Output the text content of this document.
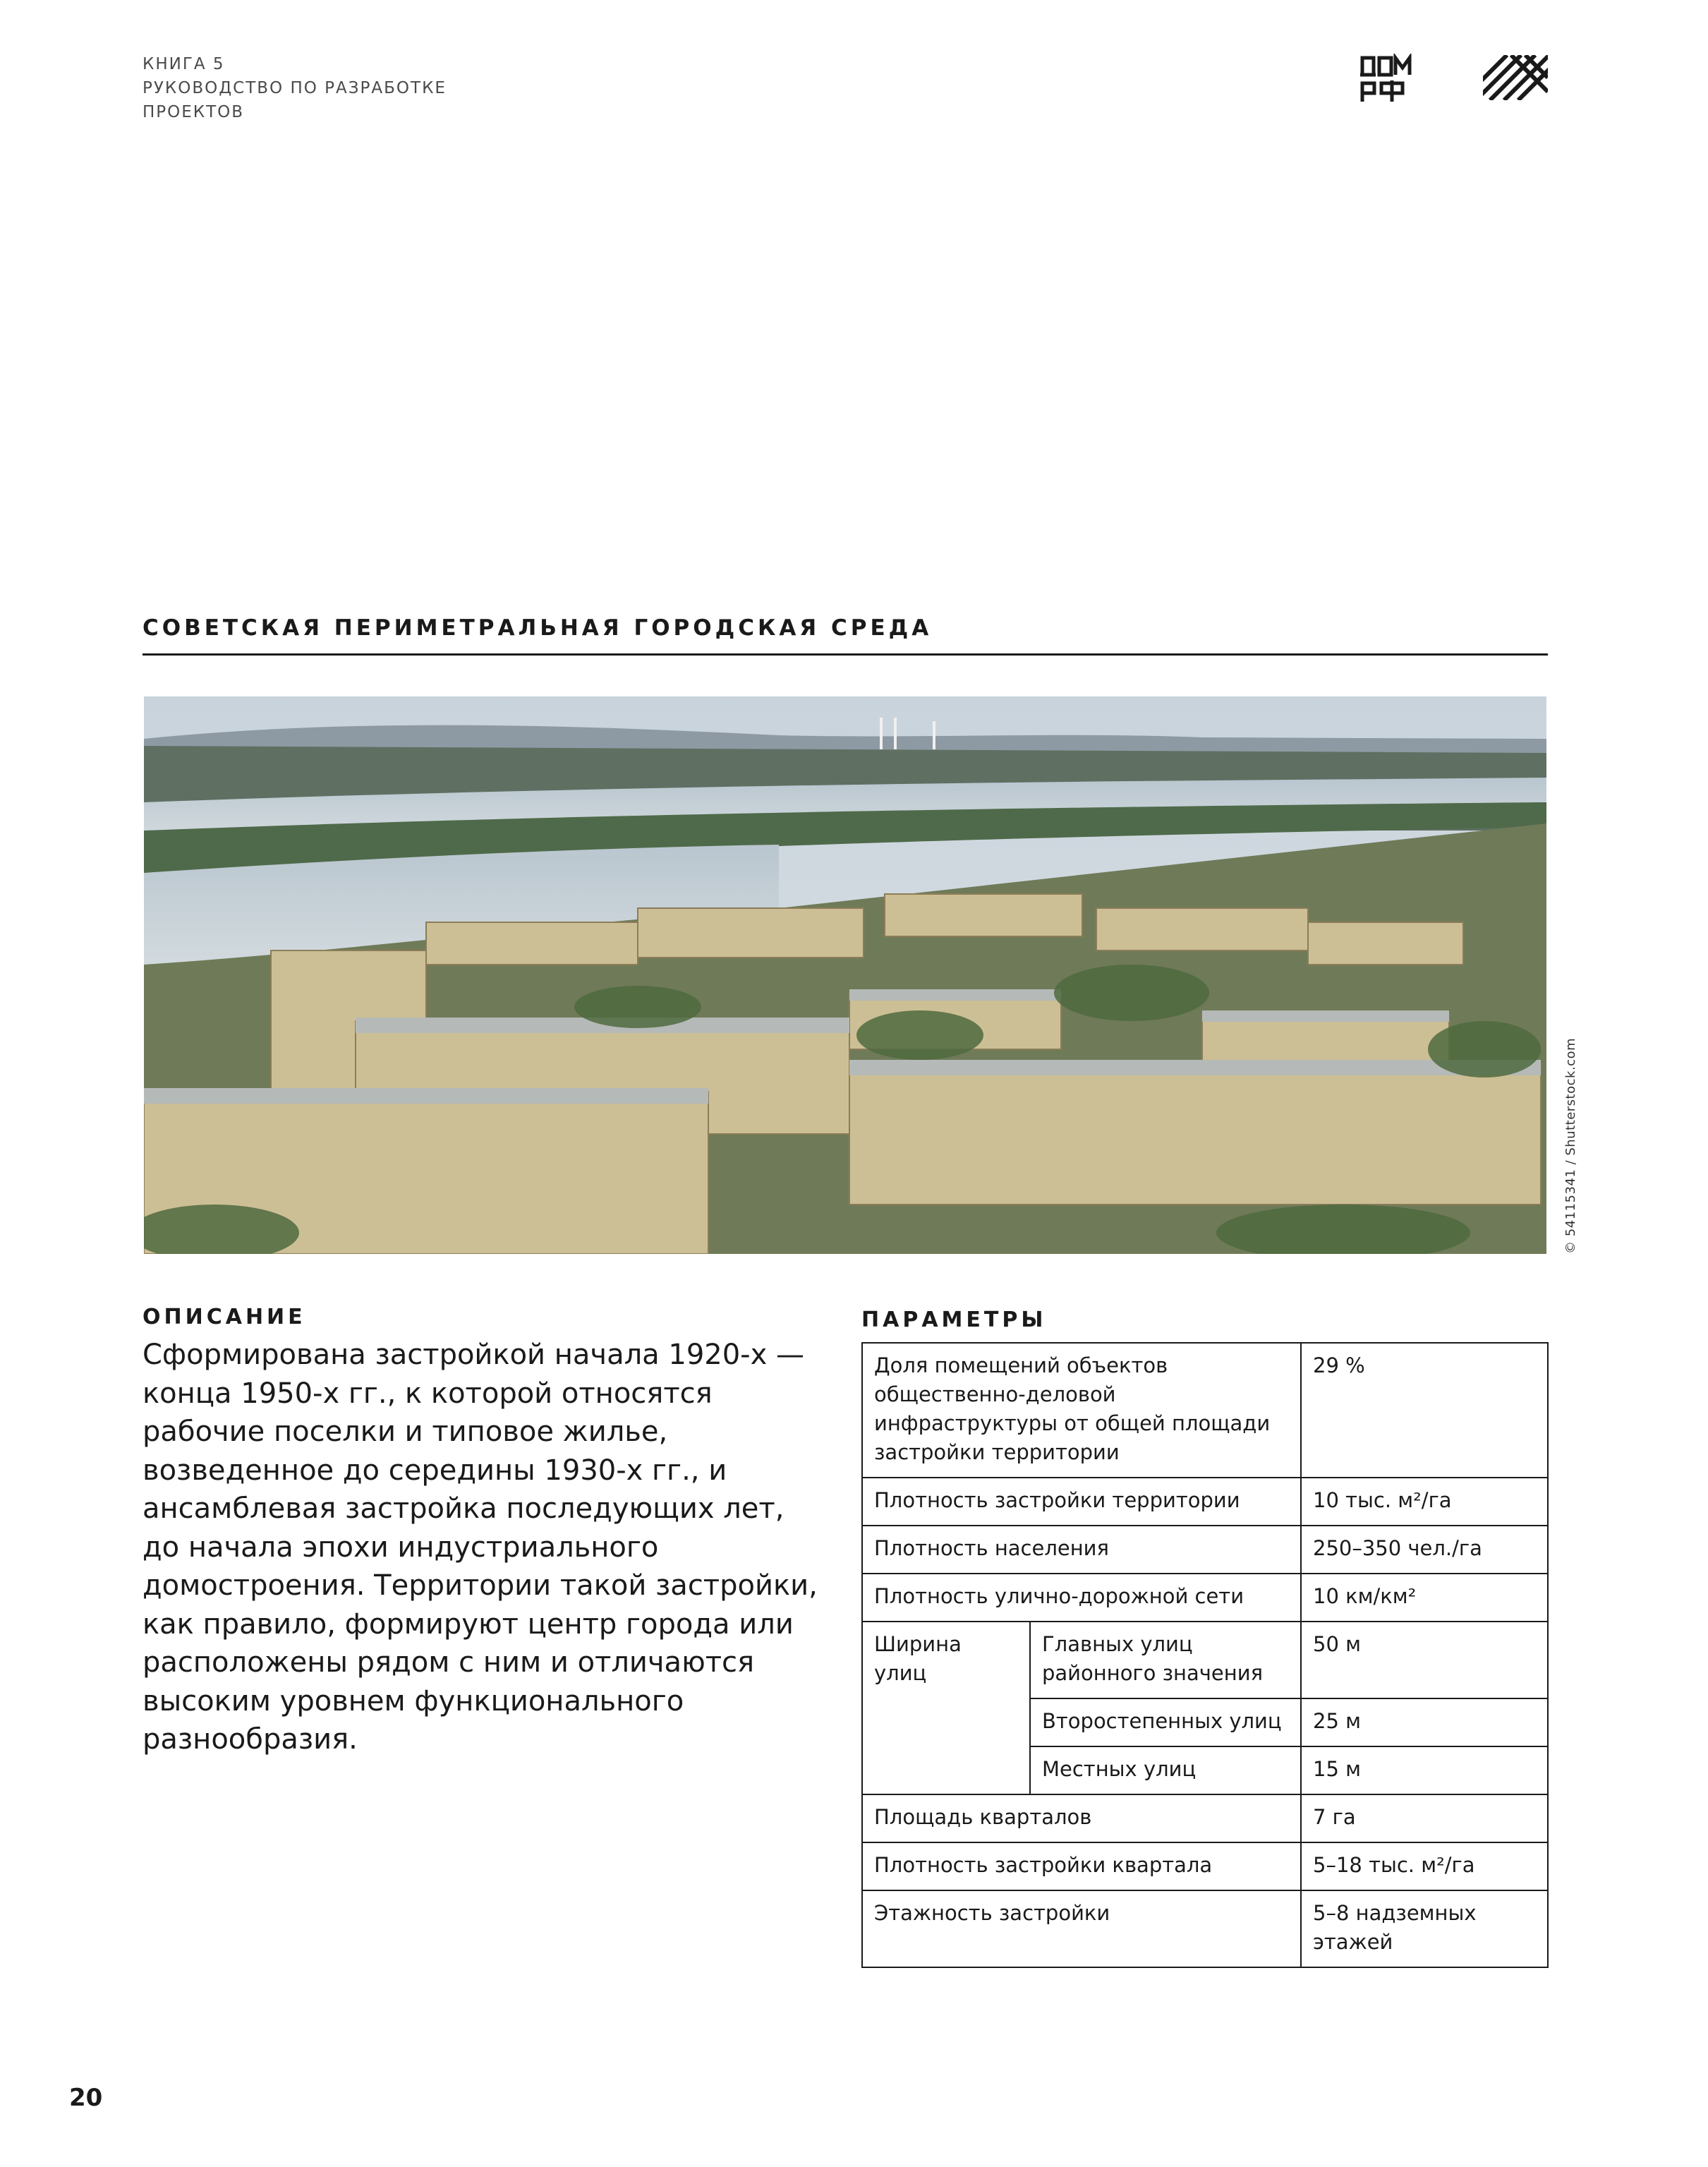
КНИГА 5
РУКОВОДСТВО ПО РАЗРАБОТКЕ
ПРОЕКТОВ
СОВЕТСКАЯ ПЕРИМЕТРАЛЬНАЯ ГОРОДСКАЯ СРЕДА
© 54115341 / Shutterstock.com
ОПИСАНИЕ
Сформирована застройкой начала 1920-х — конца 1950-х гг., к которой относятся рабочие поселки и типовое жилье, возведенное до середины 1930-х гг., и ансамблевая застройка последующих лет, до начала эпохи индустриального домостроения. Территории такой застройки, как правило, формируют центр города или расположены рядом с ним и отличаются высоким уровнем функционального разнообразия.
ПАРАМЕТРЫ
Доля помещений объектов общественно-деловой инфраструктуры от общей площади застройки территории		29 %
Плотность застройки территории		10 тыс. м²/га
Плотность населения		250–350 чел./га
Плотность улично-дорожной сети		10 км/км²
Ширина улиц	Главных улиц районного значения	50 м
	Второстепенных улиц	25 м
	Местных улиц	15 м
Площадь кварталов		7 га
Плотность застройки квартала		5–18 тыс. м²/га
Этажность застройки		5–8 надземных этажей
20
